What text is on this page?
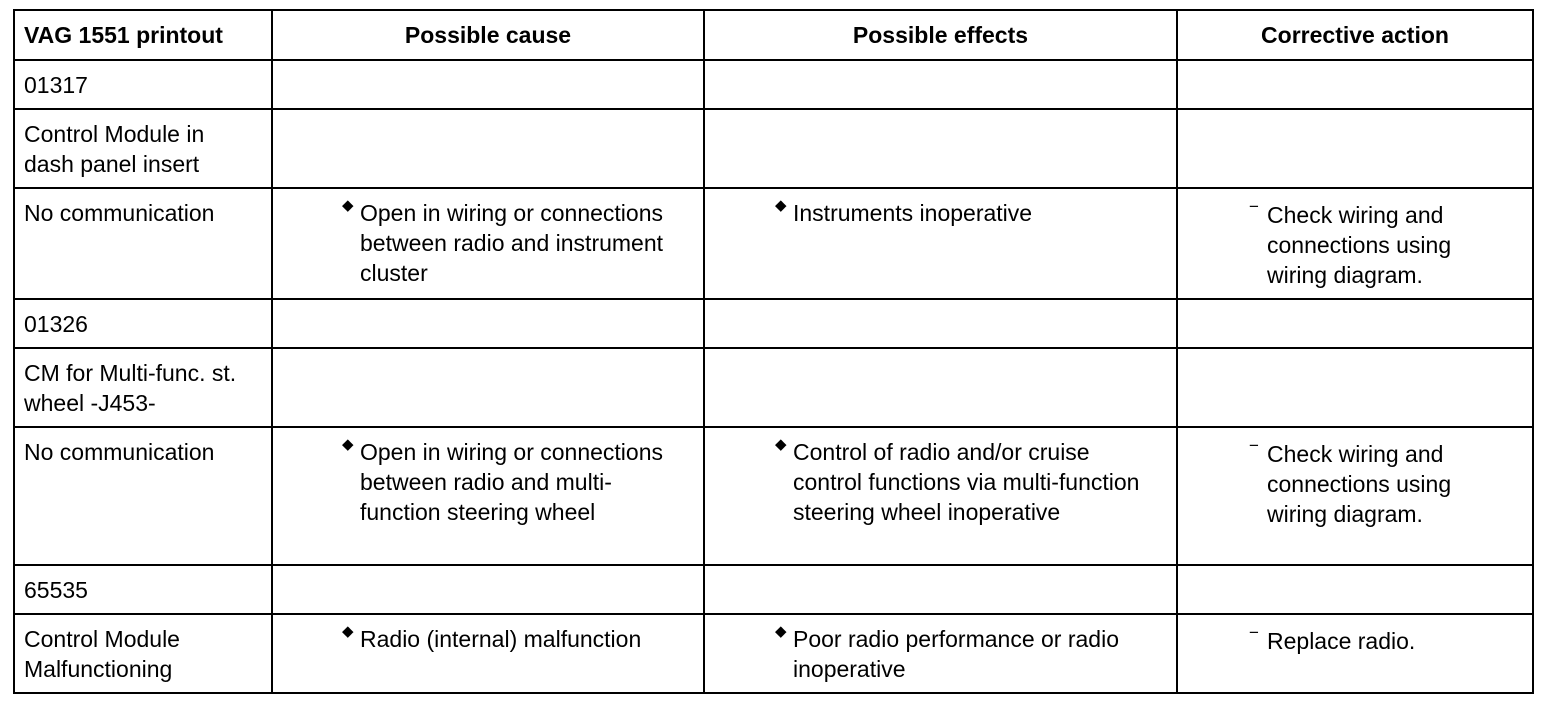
VAG 1551 printout	Possible cause	Possible effects	Corrective action
01317			
Control Module in dash panel insert			
No communication	◆ Open in wiring or connections between radio and instrument cluster	◆ Instruments inoperative	− Check wiring and connections using wiring diagram.

01326			
CM for Multi-func. st. wheel -J453-			
No communication	◆ Open in wiring or connections between radio and multi-function steering wheel	◆ Control of radio and/or cruise control functions via multi-function steering wheel inoperative	− Check wiring and connections using wiring diagram.

65535			
Control Module Malfunctioning	◆ Radio (internal) malfunction	◆ Poor radio performance or radio inoperative	− Replace radio.
